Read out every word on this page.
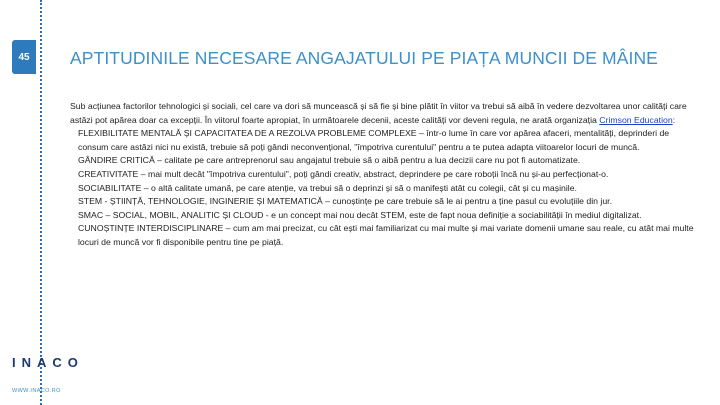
45	APTITUDINILE NECESARE ANGAJATULUI PE PIAȚA MUNCII DE MÂINE

Sub acțiunea factorilor tehnologici și sociali, cel care va dori să muncească și să fie și bine plătit în viitor va trebui să aibă în vedere dezvoltarea unor calități care astăzi pot apărea doar ca excepții. În viitorul foarte apropiat, în următoarele decenii, aceste calități vor deveni regula, ne arată organizația Crimson Education:

FLEXIBILITATE MENTALĂ ȘI CAPACITATEA DE A REZOLVA PROBLEME COMPLEXE – într-o lume în care vor apărea afaceri, mentalități, deprinderi de consum care astăzi nici nu există, trebuie să poți gândi neconvențional, "împotriva curentului" pentru a te putea adapta viitoarelor locuri de muncă.

GÂNDIRE CRITICĂ – calitate pe care antreprenorul sau angajatul trebuie să o aibă pentru a lua decizii care nu pot fi automatizate.

CREATIVITATE – mai mult decât "împotriva curentului", poți gândi creativ, abstract, deprindere pe care roboții încă nu și-au perfecționat-o.

SOCIABILITATE – o altă calitate umană, pe care atenție, va trebui să o deprinzi și să o manifești atât cu colegii, cât și cu mașinile.

STEM - ȘTIINȚĂ, TEHNOLOGIE, INGINERIE ȘI MATEMATICĂ – cunoștințe pe care trebuie să le ai pentru a ține pasul cu evoluțiile din jur.

SMAC – SOCIAL, MOBIL, ANALITIC ȘI CLOUD - e un concept mai nou decât STEM, este de fapt noua definiție a sociabilității în mediul digitalizat.

CUNOȘTINȚE INTERDISCIPLINARE – cum am mai precizat, cu cât ești mai familiarizat cu mai multe și mai variate domenii umane sau reale, cu atât mai multe locuri de muncă vor fi disponibile pentru tine pe piață.

INACO
WWW.INACO.RO
